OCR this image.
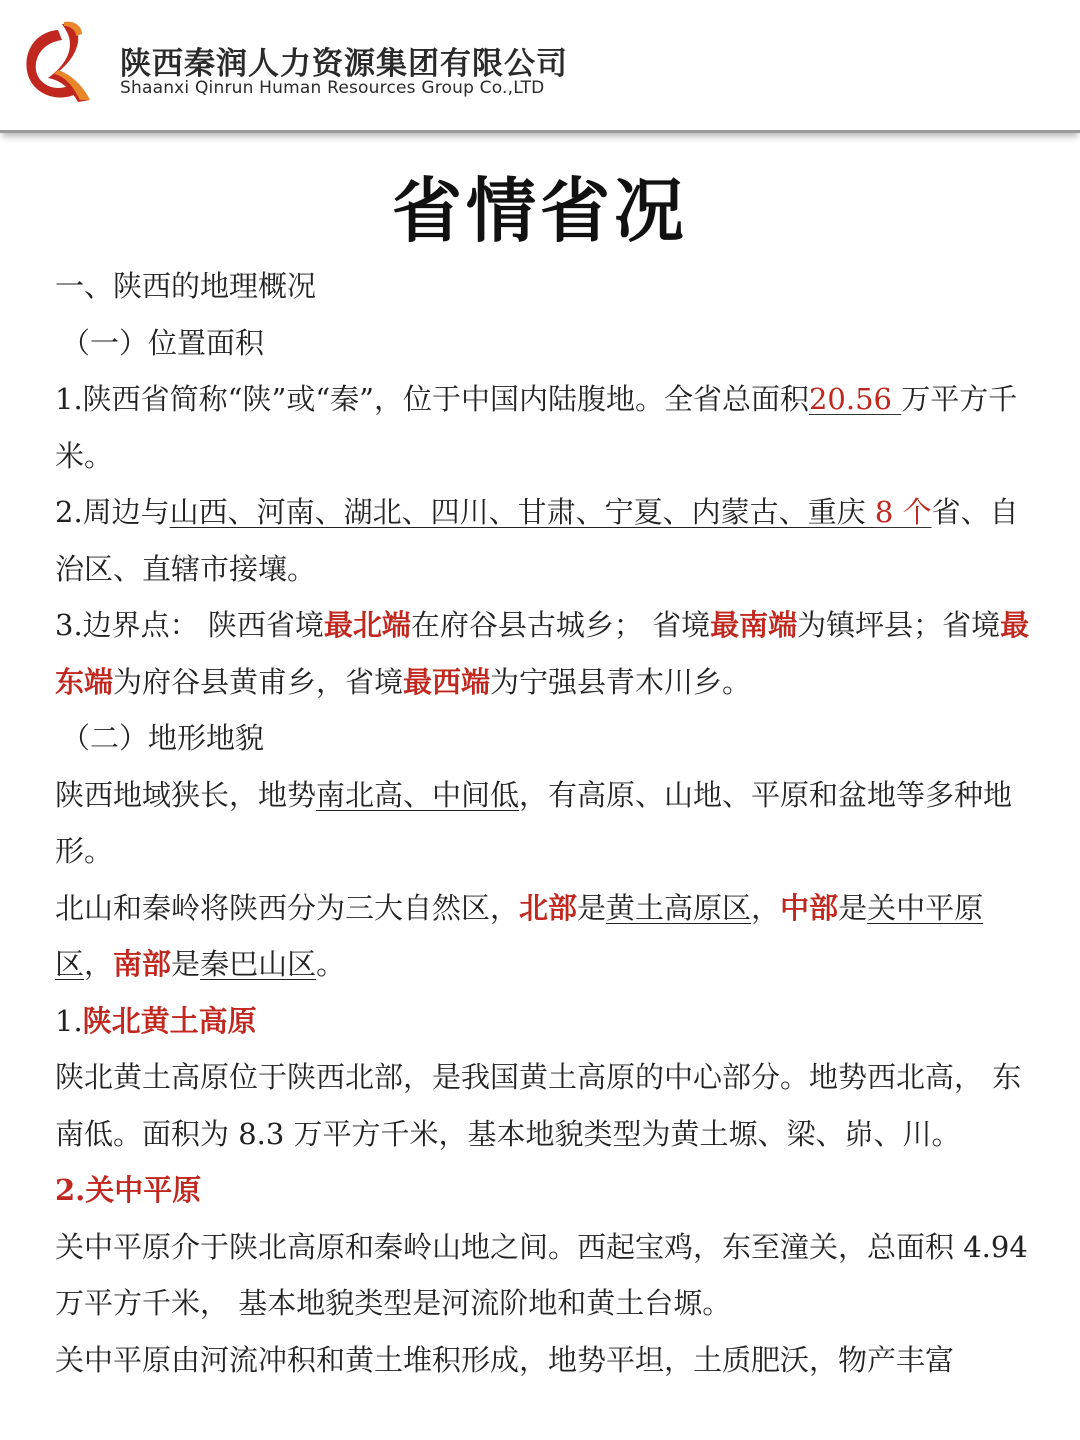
陕西秦润人力资源集团有限公司
Shaanxi Qinrun Human Resources Group Co.,LTD
省情省况

一、陕西的地理概况

（一）位置面积

1.陕西省简称“陕”或“秦”，位于中国内陆腹地。全省总面积20.56 万平方千米。

2.周边与山西、河南、湖北、四川、甘肃、宁夏、内蒙古、重庆 8 个省、自治区、直辖市接壤。

3.边界点： 陕西省境最北端在府谷县古城乡； 省境最南端为镇坪县；省境最东端为府谷县黄甫乡，省境最西端为宁强县青木川乡。

（二）地形地貌

陕西地域狭长，地势南北高、中间低，有高原、山地、平原和盆地等多种地形。

北山和秦岭将陕西分为三大自然区，北部是黄土高原区，中部是关中平原区，南部是秦巴山区。

1.陕北黄土高原

陕北黄土高原位于陕西北部，是我国黄土高原的中心部分。地势西北高， 东南低。面积为 8.3 万平方千米，基本地貌类型为黄土塬、梁、峁、川。

2.关中平原

关中平原介于陕北高原和秦岭山地之间。西起宝鸡，东至潼关，总面积 4.94 万平方千米， 基本地貌类型是河流阶地和黄土台塬。

关中平原由河流冲积和黄土堆积形成，地势平坦，土质肥沃，物产丰富
